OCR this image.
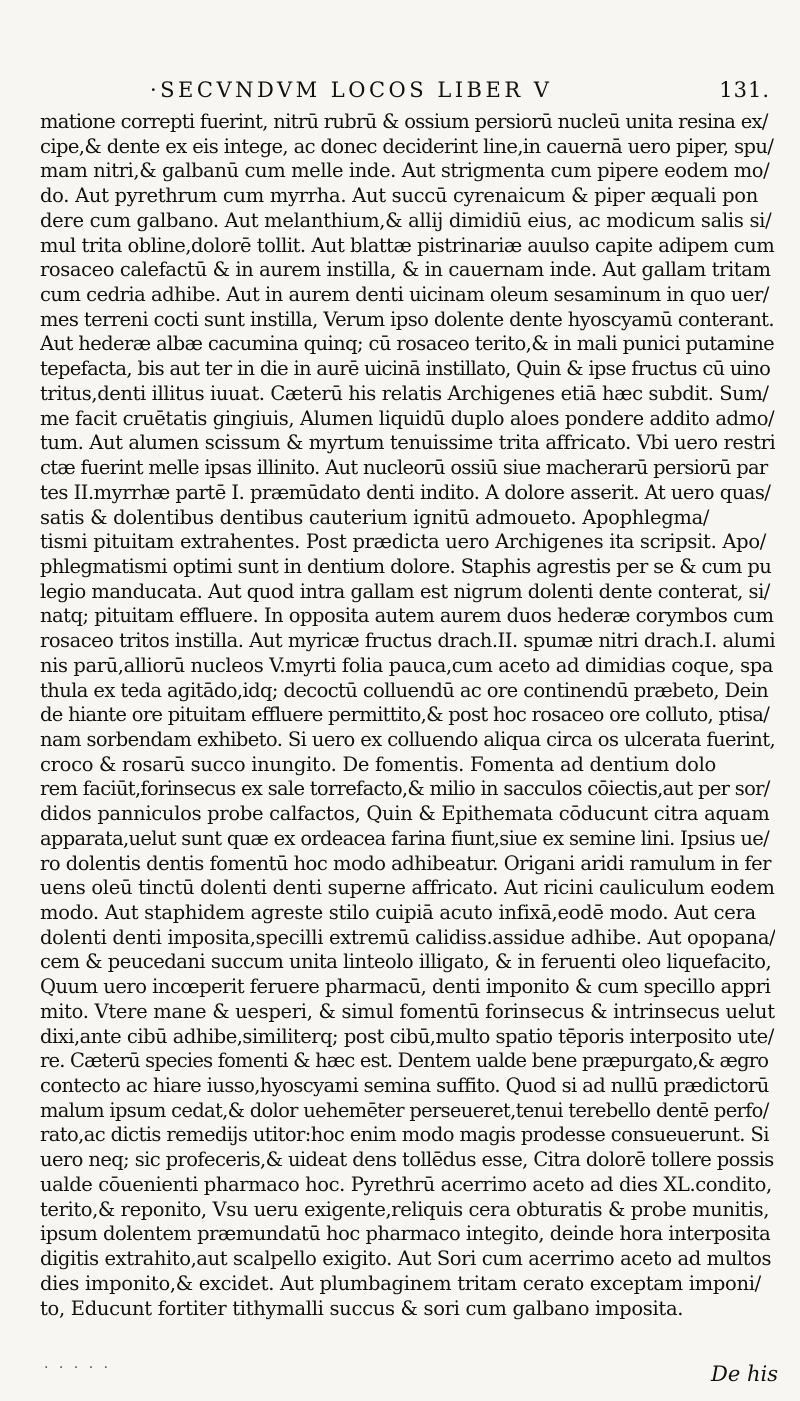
·SECVNDVM LOCOS LIBER V	131.
matione correpti fuerint, nitrū rubrū & ossium persiorū nucleū unita resina ex/
cipe,& dente ex eis intege, ac donec deciderint line,in cauernā uero piper, spu/
mam nitri,& galbanū cum melle inde. Aut strigmenta cum pipere eodem mo/
do. Aut pyrethrum cum myrrha. Aut succū cyrenaicum & piper æquali pon
dere cum galbano. Aut melanthium,& allij dimidiū eius, ac modicum salis si/
mul trita obline,dolorē tollit. Aut blattæ pistrinariæ auulso capite adipem cum
rosaceo calefactū & in aurem instilla, & in cauernam inde. Aut gallam tritam
cum cedria adhibe. Aut in aurem denti uicinam oleum sesaminum in quo uer/
mes terreni cocti sunt instilla, Verum ipso dolente dente hyoscyamū conterant.
Aut hederæ albæ cacumina quinq; cū rosaceo terito,& in mali punici putamine
tepefacta, bis aut ter in die in aurē uicinā instillato, Quin & ipse fructus cū uino
tritus,denti illitus iuuat. Cæterū his relatis Archigenes etiā hæc subdit. Sum/
me facit cruētatis gingiuis, Alumen liquidū duplo aloes pondere addito admo/
tum. Aut alumen scissum & myrtum tenuissime trita affricato. Vbi uero restri
ctæ fuerint melle ipsas illinito. Aut nucleorū ossiū siue macherarū persiorū par
tes II.myrrhæ partē I. præmūdato denti indito. A dolore asserit. At uero quas/
satis & dolentibus dentibus cauterium ignitū admoueto. Apophlegma/
tismi pituitam extrahentes. Post prædicta uero Archigenes ita scripsit. Apo/
phlegmatismi optimi sunt in dentium dolore. Staphis agrestis per se & cum pu
legio manducata. Aut quod intra gallam est nigrum dolenti dente conterat, si/
natq; pituitam effluere. In opposita autem aurem duos hederæ corymbos cum
rosaceo tritos instilla. Aut myricæ fructus drach.II. spumæ nitri drach.I. alumi
nis parū,alliorū nucleos V.myrti folia pauca,cum aceto ad dimidias coque, spa
thula ex teda agitādo,idq; decoctū colluendū ac ore continendū præbeto, Dein
de hiante ore pituitam effluere permittito,& post hoc rosaceo ore colluto, ptisa/
nam sorbendam exhibeto. Si uero ex colluendo aliqua circa os ulcerata fuerint,
croco & rosarū succo inungito. De fomentis. Fomenta ad dentium dolo
rem faciūt,forinsecus ex sale torrefacto,& milio in sacculos cōiectis,aut per sor/
didos panniculos probe calfactos, Quin & Epithemata cōducunt citra aquam
apparata,uelut sunt quæ ex ordeacea farina fiunt,siue ex semine lini. Ipsius ue/
ro dolentis dentis fomentū hoc modo adhibeatur. Origani aridi ramulum in fer
uens oleū tinctū dolenti denti superne affricato. Aut ricini cauliculum eodem
modo. Aut staphidem agreste stilo cuipiā acuto infixā,eodē modo. Aut cera
dolenti denti imposita,specilli extremū calidiss.assidue adhibe. Aut opopana/
cem & peucedani succum unita linteolo illigato, & in feruenti oleo liquefacito,
Quum uero incœperit feruere pharmacū, denti imponito & cum specillo appri
mito. Vtere mane & uesperi, & simul fomentū forinsecus & intrinsecus uelut
dixi,ante cibū adhibe,similiterq; post cibū,multo spatio tēporis interposito ute/
re. Cæterū species fomenti & hæc est. Dentem ualde bene præpurgato,& ægro
contecto ac hiare iusso,hyoscyami semina suffito. Quod si ad nullū prædictorū
malum ipsum cedat,& dolor uehemēter perseueret,tenui terebello dentē perfo/
rato,ac dictis remedijs utitor:hoc enim modo magis prodesse consueuerunt. Si
uero neq; sic profeceris,& uideat dens tollēdus esse, Citra dolorē tollere possis
ualde cōuenienti pharmaco hoc. Pyrethrū acerrimo aceto ad dies XL.condito,
terito,& reponito, Vsu ueru exigente,reliquis cera obturatis & probe munitis,
ipsum dolentem præmundatū hoc pharmaco integito, deinde hora interposita
digitis extrahito,aut scalpello exigito. Aut Sori cum acerrimo aceto ad multos
dies imponito,& excidet. Aut plumbaginem tritam cerato exceptam imponi/
to, Educunt fortiter tithymalli succus & sori cum galbano imposita.
· · · · ·	De his
